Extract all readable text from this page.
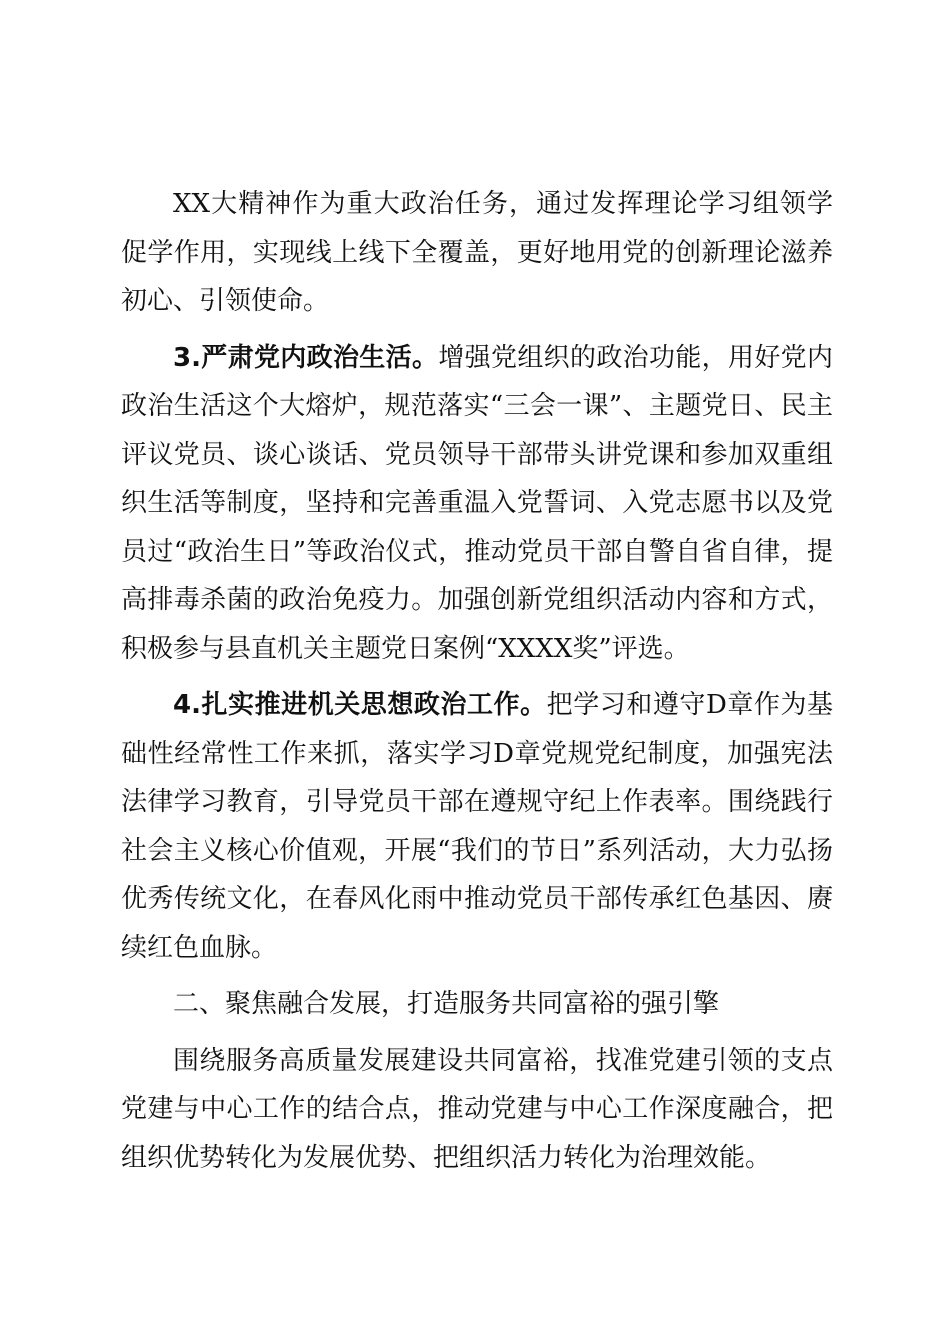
XX大精神作为重大政治任务，通过发挥理论学习组领学促学作用，实现线上线下全覆盖，更好地用党的创新理论滋养初心、引领使命。

3.严肃党内政治生活。增强党组织的政治功能，用好党内政治生活这个大熔炉，规范落实“三会一课”、主题党日、民主评议党员、谈心谈话、党员领导干部带头讲党课和参加双重组织生活等制度，坚持和完善重温入党誓词、入党志愿书以及党员过“政治生日”等政治仪式，推动党员干部自警自省自律，提高排毒杀菌的政治免疫力。加强创新党组织活动内容和方式，积极参与县直机关主题党日案例“XXXX奖”评选。

4.扎实推进机关思想政治工作。把学习和遵守D章作为基础性经常性工作来抓，落实学习D章党规党纪制度，加强宪法法律学习教育，引导党员干部在遵规守纪上作表率。围绕践行社会主义核心价值观，开展“我们的节日”系列活动，大力弘扬优秀传统文化，在春风化雨中推动党员干部传承红色基因、赓续红色血脉。

二、聚焦融合发展，打造服务共同富裕的强引擎

围绕服务高质量发展建设共同富裕，找准党建引领的支点党建与中心工作的结合点，推动党建与中心工作深度融合，把组织优势转化为发展优势、把组织活力转化为治理效能。
